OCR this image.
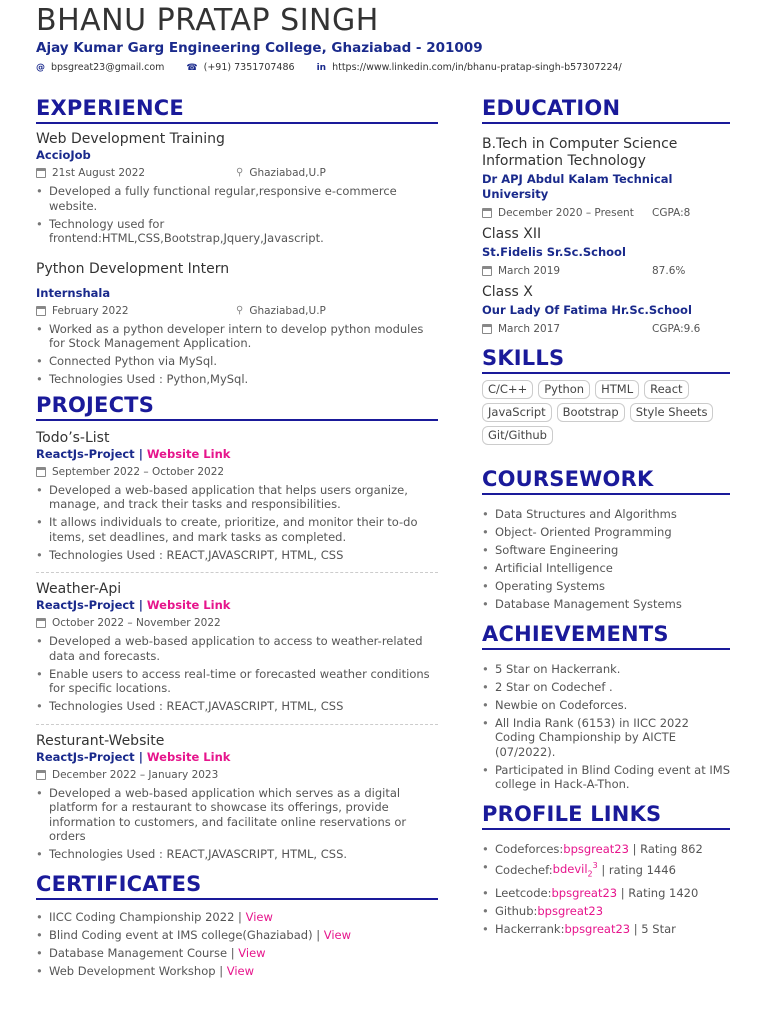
BHANU PRATAP SINGH
Ajay Kumar Garg Engineering College, Ghaziabad - 201009
@ bpsgreat23@gmail.com ☎ (+91) 7351707486 in https://www.linkedin.com/in/bhanu-pratap-singh-b57307224/
EXPERIENCE
Web Development Training
AccioJob
21st August 2022	⚲ Ghaziabad,U.P
• Developed a fully functional regular,responsive e-commerce website.
• Technology used for frontend:HTML,CSS,Bootstrap,Jquery,Javascript.
Python Development Intern
Internshala
February 2022	⚲ Ghaziabad,U.P
• Worked as a python developer intern to develop python modules for Stock Management Application.
• Connected Python via MySql.
• Technologies Used : Python,MySql.
PROJECTS
Todo’s-List
ReactJs-Project | Website Link
September 2022 – October 2022
• Developed a web-based application that helps users organize, manage, and track their tasks and responsibilities.
• It allows individuals to create, prioritize, and monitor their to-do items, set deadlines, and mark tasks as completed.
• Technologies Used : REACT,JAVASCRIPT, HTML, CSS
Weather-Api
ReactJs-Project | Website Link
October 2022 – November 2022
• Developed a web-based application to access to weather-related data and forecasts.
• Enable users to access real-time or forecasted weather conditions for specific locations.
• Technologies Used : REACT,JAVASCRIPT, HTML, CSS
Resturant-Website
ReactJs-Project | Website Link
December 2022 – January 2023
• Developed a web-based application which serves as a digital platform for a restaurant to showcase its offerings, provide information to customers, and facilitate online reservations or orders
• Technologies Used : REACT,JAVASCRIPT, HTML, CSS.
CERTIFICATES
• IICC Coding Championship 2022 | View
• Blind Coding event at IMS college(Ghaziabad) | View
• Database Management Course | View
• Web Development Workshop | View
EDUCATION
B.Tech in Computer Science Information Technology
Dr APJ Abdul Kalam Technical University
December 2020 – Present CGPA:8
Class XII
St.Fidelis Sr.Sc.School
March 2019	87.6%
Class X
Our Lady Of Fatima Hr.Sc.School
March 2017	CGPA:9.6
SKILLS
C/C++	Python	HTML	React
JavaScript	Bootstrap	Style Sheets
Git/Github
COURSEWORK
• Data Structures and Algorithms
• Object- Oriented Programming
• Software Engineering
• Artificial Intelligence
• Operating Systems
• Database Management Systems
ACHIEVEMENTS
• 5 Star on Hackerrank.
• 2 Star on Codechef .
• Newbie on Codeforces.
• All India Rank (6153) in IICC 2022 Coding Championship by AICTE (07/2022).
• Participated in Blind Coding event at IMS college in Hack-A-Thon.
PROFILE LINKS
• Codeforces:bpsgreat23 | Rating 862
• Codechef:bdevil$_2^3$ | rating 1446
• Leetcode:bpsgreat23 | Rating 1420
• Github:bpsgreat23
• Hackerrank:bpsgreat23 | 5 Star
